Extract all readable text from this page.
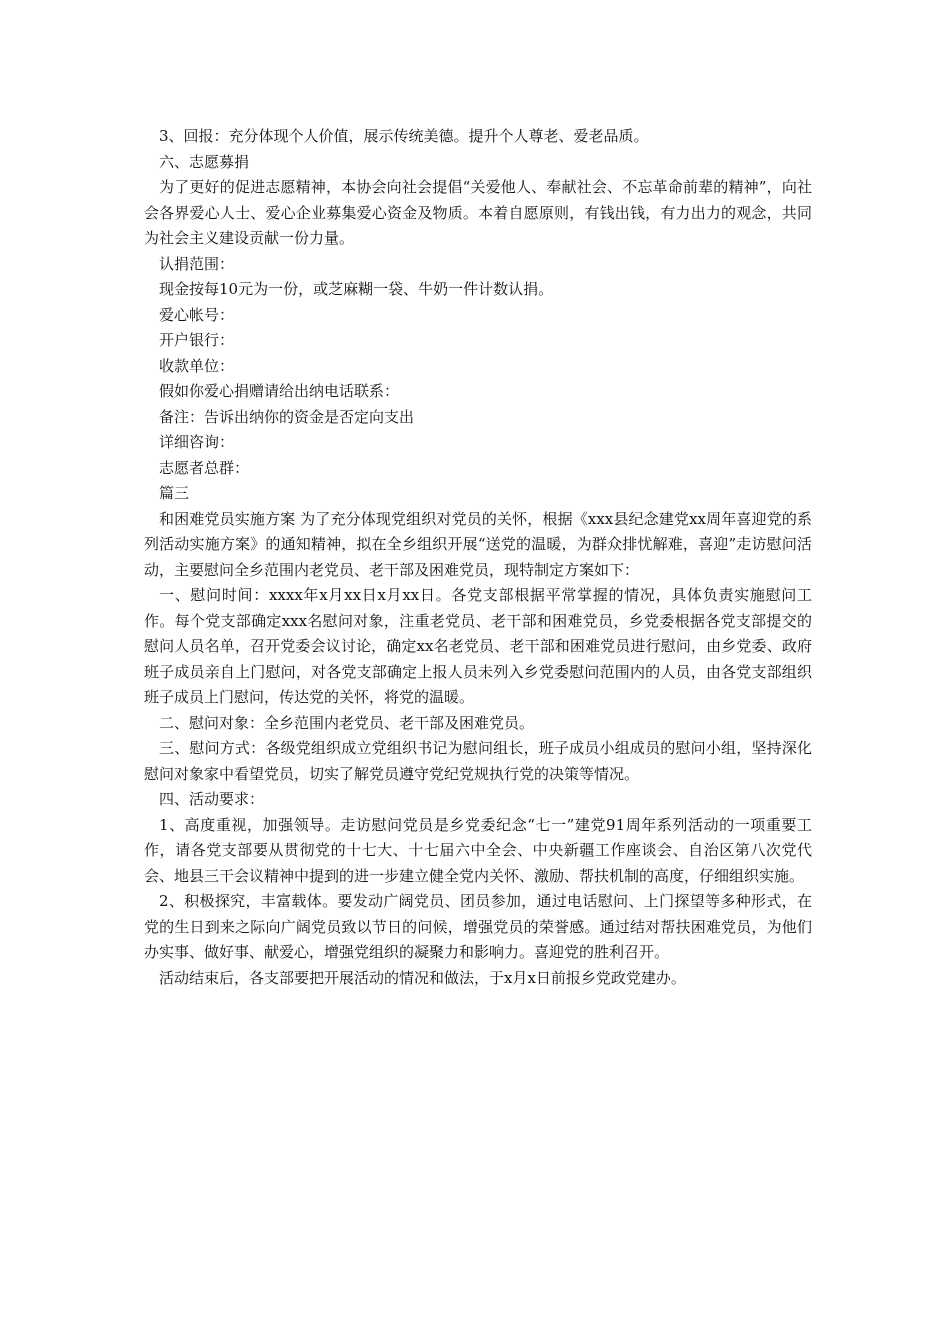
3、回报：充分体现个人价值，展示传统美德。提升个人尊老、爱老品质。

六、志愿募捐

为了更好的促进志愿精神，本协会向社会提倡“关爱他人、奉献社会、不忘革命前辈的精神”，向社会各界爱心人士、爱心企业募集爱心资金及物质。本着自愿原则，有钱出钱，有力出力的观念，共同为社会主义建设贡献一份力量。

认捐范围：

现金按每10元为一份，或芝麻糊一袋、牛奶一件计数认捐。

爱心帐号：

开户银行：

收款单位：

假如你爱心捐赠请给出纳电话联系：

备注：告诉出纳你的资金是否定向支出

详细咨询：

志愿者总群：

篇三

和困难党员实施方案 为了充分体现党组织对党员的关怀，根据《xxx县纪念建党xx周年喜迎党的系列活动实施方案》的通知精神，拟在全乡组织开展“送党的温暖，为群众排忧解难，喜迎”走访慰问活动，主要慰问全乡范围内老党员、老干部及困难党员，现特制定方案如下：

一、慰问时间：xxxx年x月xx日x月xx日。各党支部根据平常掌握的情况，具体负责实施慰问工作。每个党支部确定xxx名慰问对象，注重老党员、老干部和困难党员，乡党委根据各党支部提交的慰问人员名单，召开党委会议讨论，确定xx名老党员、老干部和困难党员进行慰问，由乡党委、政府班子成员亲自上门慰问，对各党支部确定上报人员未列入乡党委慰问范围内的人员，由各党支部组织班子成员上门慰问，传达党的关怀，将党的温暖。

二、慰问对象：全乡范围内老党员、老干部及困难党员。

三、慰问方式：各级党组织成立党组织书记为慰问组长，班子成员小组成员的慰问小组，坚持深化慰问对象家中看望党员，切实了解党员遵守党纪党规执行党的决策等情况。

四、活动要求：

1、高度重视，加强领导。走访慰问党员是乡党委纪念“七一”建党91周年系列活动的一项重要工作，请各党支部要从贯彻党的十七大、十七届六中全会、中央新疆工作座谈会、自治区第八次党代会、地县三干会议精神中提到的进一步建立健全党内关怀、激励、帮扶机制的高度，仔细组织实施。

2、积极探究，丰富载体。要发动广阔党员、团员参加，通过电话慰问、上门探望等多种形式，在党的生日到来之际向广阔党员致以节日的问候，增强党员的荣誉感。通过结对帮扶困难党员，为他们办实事、做好事、献爱心，增强党组织的凝聚力和影响力。喜迎党的胜利召开。

活动结束后，各支部要把开展活动的情况和做法，于x月x日前报乡党政党建办。
